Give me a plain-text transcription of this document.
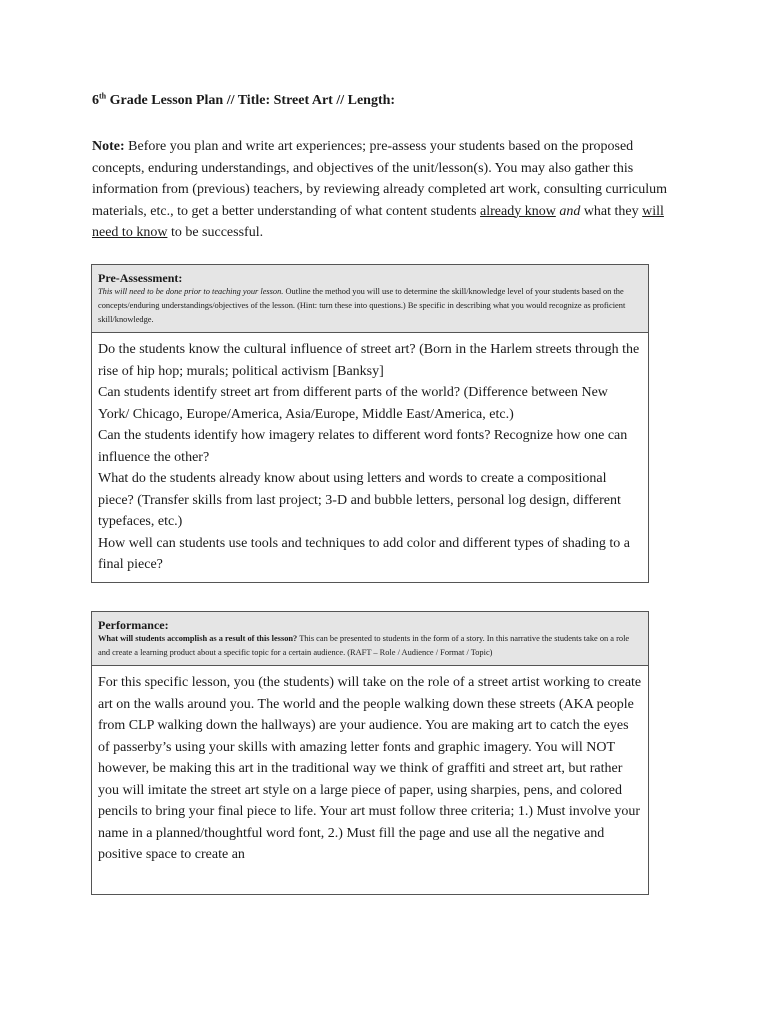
6th Grade Lesson Plan // Title: Street Art // Length:
Note: Before you plan and write art experiences; pre-assess your students based on the proposed concepts, enduring understandings, and objectives of the unit/lesson(s). You may also gather this information from (previous) teachers, by reviewing already completed art work, consulting curriculum materials, etc., to get a better understanding of what content students already know and what they will need to know to be successful.
Pre-Assessment:
This will need to be done prior to teaching your lesson. Outline the method you will use to determine the skill/knowledge level of your students based on the concepts/enduring understandings/objectives of the lesson. (Hint: turn these into questions.) Be specific in describing what you would recognize as proficient skill/knowledge.

Do the students know the cultural influence of street art? (Born in the Harlem streets through the rise of hip hop; murals; political activism [Banksy]

Can students identify street art from different parts of the world? (Difference between New York/ Chicago, Europe/America, Asia/Europe, Middle East/America, etc.)

Can the students identify how imagery relates to different word fonts? Recognize how one can influence the other?

What do the students already know about using letters and words to create a compositional piece? (Transfer skills from last project; 3-D and bubble letters, personal log design, different typefaces, etc.)

How well can students use tools and techniques to add color and different types of shading to a final piece?

Performance:
What will students accomplish as a result of this lesson? This can be presented to students in the form of a story. In this narrative the students take on a role and create a learning product about a specific topic for a certain audience. (RAFT – Role / Audience / Format / Topic)

For this specific lesson, you (the students) will take on the role of a street artist working to create art on the walls around you. The world and the people walking down these streets (AKA people from CLP walking down the hallways) are your audience. You are making art to catch the eyes of passerby’s using your skills with amazing letter fonts and graphic imagery. You will NOT however, be making this art in the traditional way we think of graffiti and street art, but rather you will imitate the street art style on a large piece of paper, using sharpies, pens, and colored pencils to bring your final piece to life. Your art must follow three criteria; 1.) Must involve your name in a planned/thoughtful word font, 2.) Must fill the page and use all the negative and positive space to create an
